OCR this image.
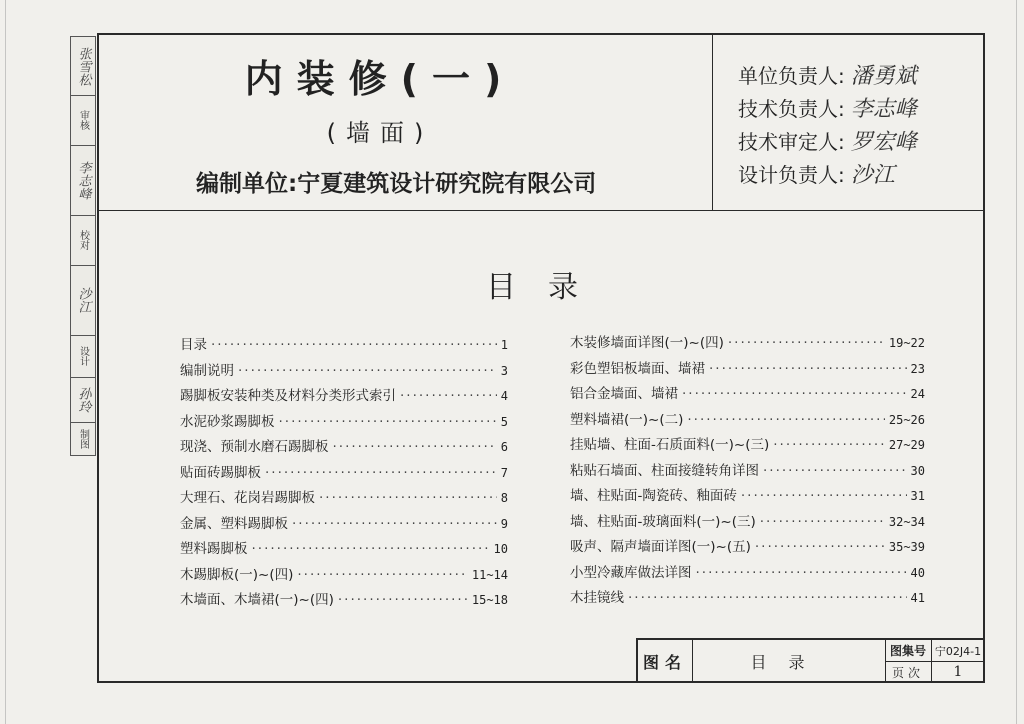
内装修(一)
(墙面)
编制单位:宁夏建筑设计研究院有限公司
单位负责人: 潘勇斌
技术负责人: 李志峰
技术审定人: 罗宏峰
设计负责人: 沙江
目录
目录 ·····	1
编制说明 ·····	3
踢脚板安装种类及材料分类形式索引 ·····	4
水泥砂浆踢脚板 ·····	5
现浇、预制水磨石踢脚板 ·····	6
贴面砖踢脚板 ·····	7
大理石、花岗岩踢脚板 ·····	8
金属、塑料踢脚板 ·····	9
塑料踢脚板 ·····	10
木踢脚板(一)~(四) ·····	11~14
木墙面、木墙裙(一)~(四) ·····	15~18
木装修墙面详图(一)~(四) ·····	19~22
彩色塑铝板墙面、墙裙 ·····	23
铝合金墙面、墙裙 ·····	24
塑料墙裙(一)~(二) ·····	25~26
挂贴墙、柱面-石质面料(一)~(三) ·····	27~29
粘贴石墙面、柱面接缝转角详图 ·····	30
墙、柱贴面-陶瓷砖、釉面砖 ·····	31
墙、柱贴面-玻璃面料(一)~(三) ·····	32~34
吸声、隔声墙面详图(一)~(五) ·····	35~39
小型冷藏库做法详图 ·····	40
木挂镜线 ·····	41
图名	目录
图集号 宁02J4-1
页次	1
张雪松
审核
李志峰
校对
沙江
设计
孙玲
制图
